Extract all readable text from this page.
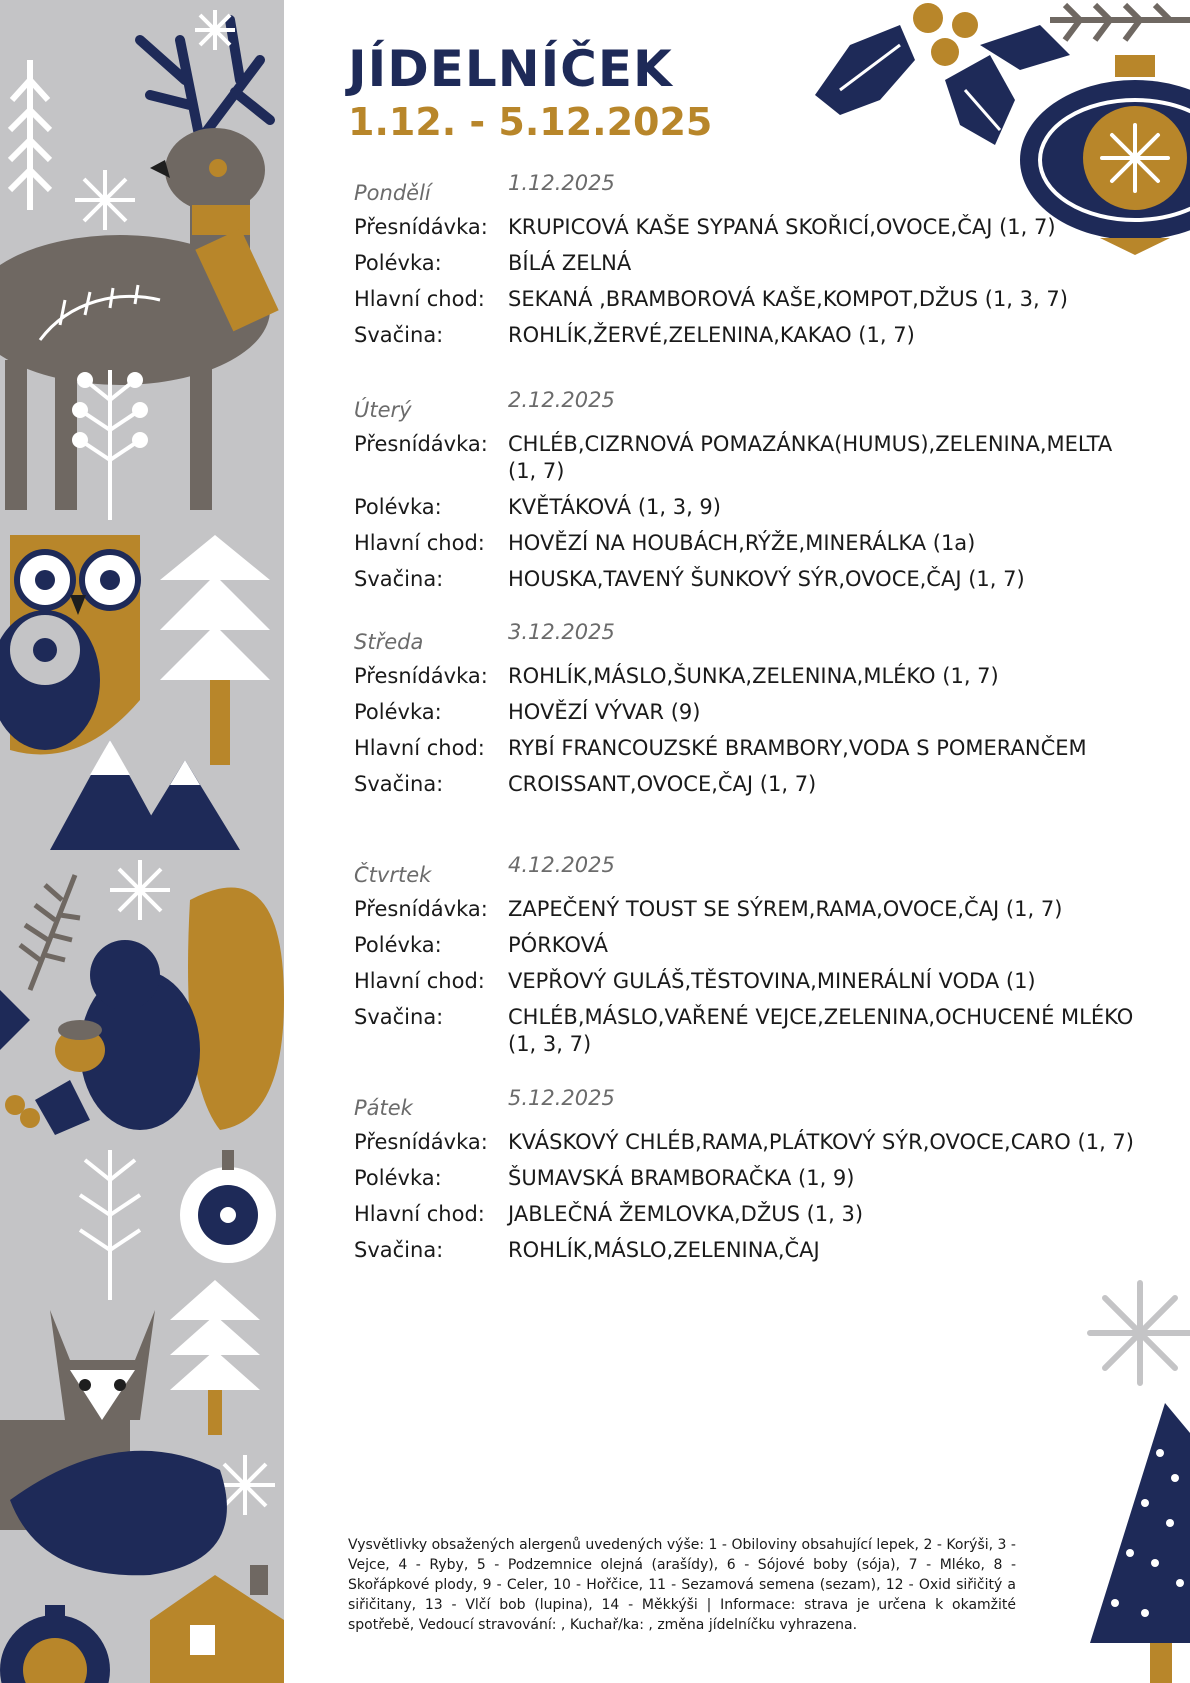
JÍDELNÍČEK
1.12. - 5.12.2025
Pondělí	1.12.2025
Přesnídávka: KRUPICOVÁ KAŠE SYPANÁ SKOŘICÍ,OVOCE,ČAJ (1, 7)
Polévka:	BÍLÁ ZELNÁ
Hlavní chod:	SEKANÁ ,BRAMBOROVÁ KAŠE,KOMPOT,DŽUS (1, 3, 7)
Svačina:	ROHLÍK,ŽERVÉ,ZELENINA,KAKAO (1, 7)
Úterý	2.12.2025
Přesnídávka: CHLÉB,CIZRNOVÁ POMAZÁNKA(HUMUS),ZELENINA,MELTA (1, 7)
Polévka:	KVĚTÁKOVÁ (1, 3, 9)
Hlavní chod:	HOVĚZÍ NA HOUBÁCH,RÝŽE,MINERÁLKA (1a)
Svačina:	HOUSKA,TAVENÝ ŠUNKOVÝ SÝR,OVOCE,ČAJ (1, 7)
Středa	3.12.2025
Přesnídávka: ROHLÍK,MÁSLO,ŠUNKA,ZELENINA,MLÉKO (1, 7)
Polévka:	HOVĚZÍ VÝVAR (9)
Hlavní chod:	RYBÍ FRANCOUZSKÉ BRAMBORY,VODA S POMERANČEM
Svačina:	CROISSANT,OVOCE,ČAJ (1, 7)
Čtvrtek	4.12.2025
Přesnídávka: ZAPEČENÝ TOUST SE SÝREM,RAMA,OVOCE,ČAJ (1, 7)
Polévka:	PÓRKOVÁ
Hlavní chod:	VEPŘOVÝ GULÁŠ,TĚSTOVINA,MINERÁLNÍ VODA (1)
Svačina:	CHLÉB,MÁSLO,VAŘENÉ VEJCE,ZELENINA,OCHUCENÉ MLÉKO (1, 3, 7)
Pátek	5.12.2025
Přesnídávka: KVÁSKOVÝ CHLÉB,RAMA,PLÁTKOVÝ SÝR,OVOCE,CARO (1, 7)
Polévka:	ŠUMAVSKÁ BRAMBORAČKA (1, 9)
Hlavní chod:	JABLEČNÁ ŽEMLOVKA,DŽUS (1, 3)
Svačina:	ROHLÍK,MÁSLO,ZELENINA,ČAJ
Vysvětlivky obsažených alergenů uvedených výše: 1 - Obiloviny obsahující lepek, 2 - Korýši, 3 - Vejce, 4 - Ryby, 5 - Podzemnice olejná (arašídy), 6 - Sójové boby (sója), 7 - Mléko, 8 - Skořápkové plody, 9 - Celer, 10 - Hořčice, 11 - Sezamová semena (sezam), 12 - Oxid siřičitý a siřičitany, 13 - Vlčí bob (lupina), 14 - Měkkýši | Informace: strava je určena k okamžité spotřebě, Vedoucí stravování: , Kuchař/ka: , změna jídelníčku vyhrazena.
